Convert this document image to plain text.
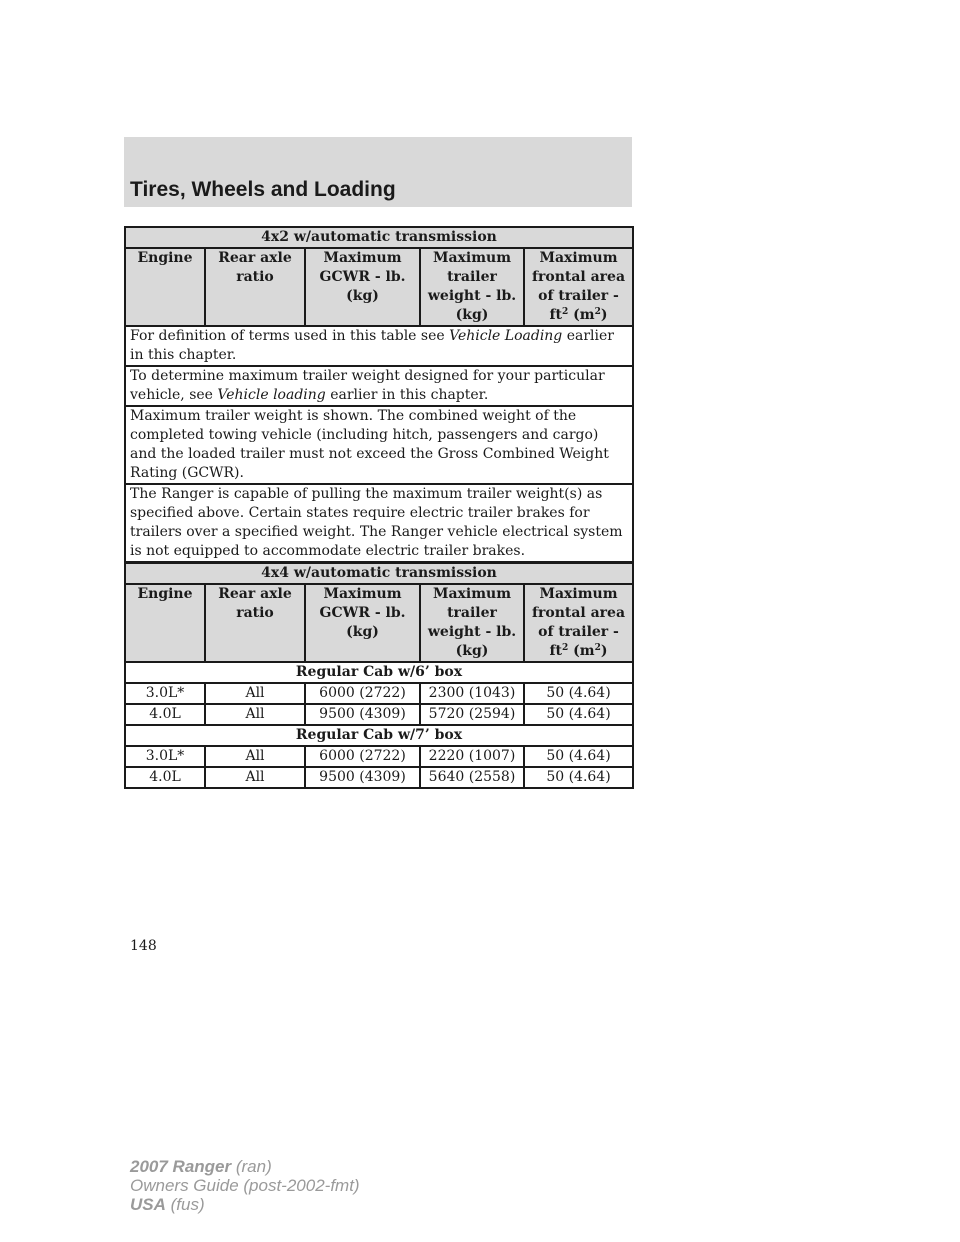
Tires, Wheels and Loading
4x2 w/automatic transmission
Engine	Rear axle ratio	Maximum GCWR - lb. (kg)	Maximum trailer weight - lb. (kg)	Maximum frontal area of trailer - $ft^2$ $(m^2)$
For definition of terms used in this table see Vehicle Loading earlier in this chapter.
To determine maximum trailer weight designed for your particular vehicle, see Vehicle loading earlier in this chapter.
Maximum trailer weight is shown. The combined weight of the completed towing vehicle (including hitch, passengers and cargo) and the loaded trailer must not exceed the Gross Combined Weight Rating (GCWR).
The Ranger is capable of pulling the maximum trailer weight(s) as specified above. Certain states require electric trailer brakes for trailers over a specified weight. The Ranger vehicle electrical system is not equipped to accommodate electric trailer brakes.
4x4 w/automatic transmission				
Engine	Rear axle ratio	Maximum GCWR - lb. (kg)	Maximum trailer weight - lb. (kg)	Maximum frontal area of trailer - $ft^2$ $(m^2)$
Regular Cab w/6’ box				
3.0L*	All	6000 (2722)	2300 (1043)	50 (4.64)
4.0L	All	9500 (4309)	5720 (2594)	50 (4.64)
Regular Cab w/7’ box				
3.0L*	All	6000 (2722)	2220 (1007)	50 (4.64)
4.0L	All	9500 (4309)	5640 (2558)	50 (4.64)
148
2007 Ranger (ran)
Owners Guide (post-2002-fmt)
USA (fus)
